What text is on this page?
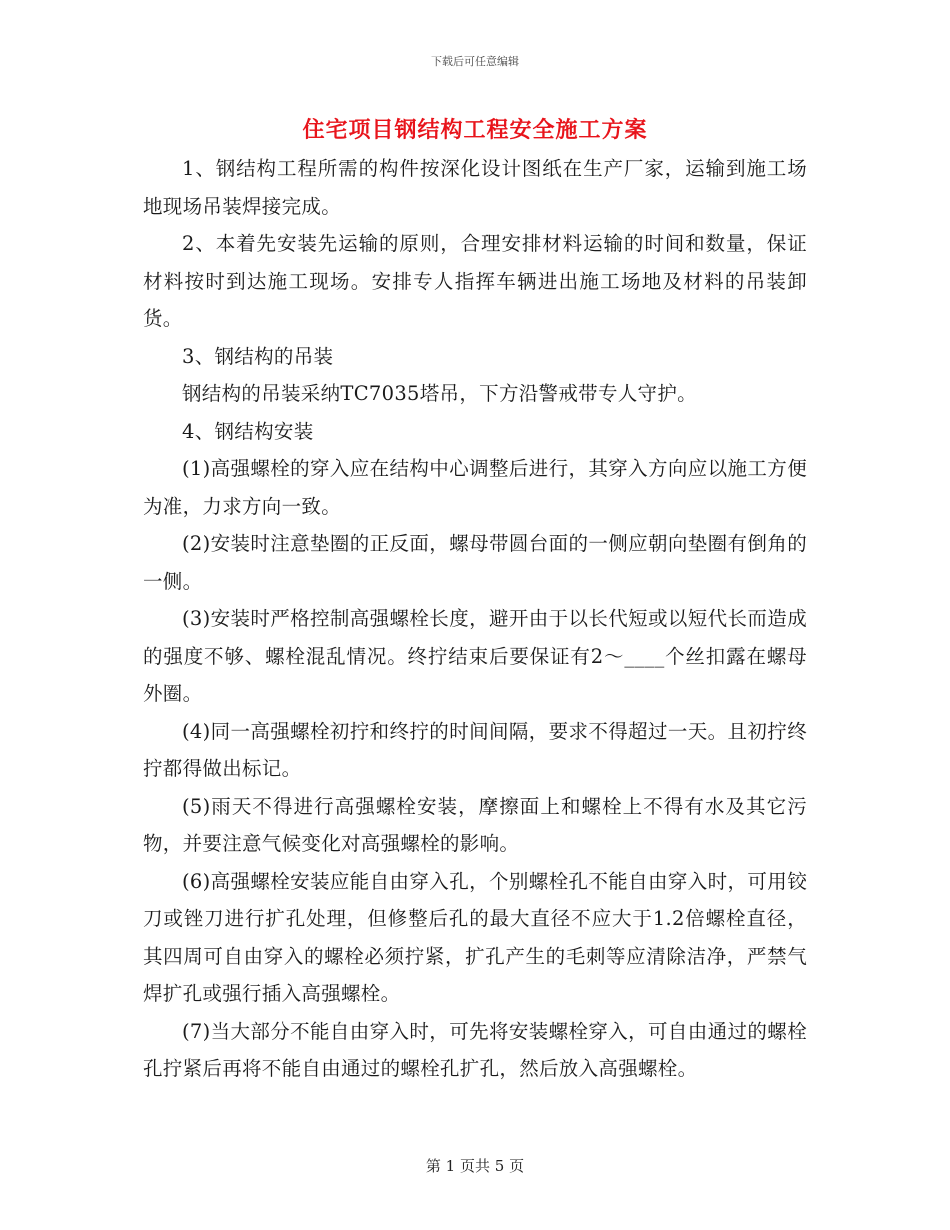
下载后可任意编辑
住宅项目钢结构工程安全施工方案

1、钢结构工程所需的构件按深化设计图纸在生产厂家，运输到施工场地现场吊装焊接完成。

2、本着先安装先运输的原则，合理安排材料运输的时间和数量，保证材料按时到达施工现场。安排专人指挥车辆进出施工场地及材料的吊装卸货。

3、钢结构的吊装

钢结构的吊装采纳TC7035塔吊，下方沿警戒带专人守护。

4、钢结构安装

(1)高强螺栓的穿入应在结构中心调整后进行，其穿入方向应以施工方便为准，力求方向一致。

(2)安装时注意垫圈的正反面，螺母带圆台面的一侧应朝向垫圈有倒角的一侧。

(3)安装时严格控制高强螺栓长度，避开由于以长代短或以短代长而造成的强度不够、螺栓混乱情况。终拧结束后要保证有2～____个丝扣露在螺母外圈。

(4)同一高强螺栓初拧和终拧的时间间隔，要求不得超过一天。且初拧终拧都得做出标记。

(5)雨天不得进行高强螺栓安装，摩擦面上和螺栓上不得有水及其它污物，并要注意气候变化对高强螺栓的影响。

(6)高强螺栓安装应能自由穿入孔，个别螺栓孔不能自由穿入时，可用铰刀或锉刀进行扩孔处理，但修整后孔的最大直径不应大于1.2倍螺栓直径，其四周可自由穿入的螺栓必须拧紧，扩孔产生的毛刺等应清除洁净，严禁气焊扩孔或强行插入高强螺栓。

(7)当大部分不能自由穿入时，可先将安装螺栓穿入，可自由通过的螺栓孔拧紧后再将不能自由通过的螺栓孔扩孔，然后放入高强螺栓。

第 1 页共 5 页
